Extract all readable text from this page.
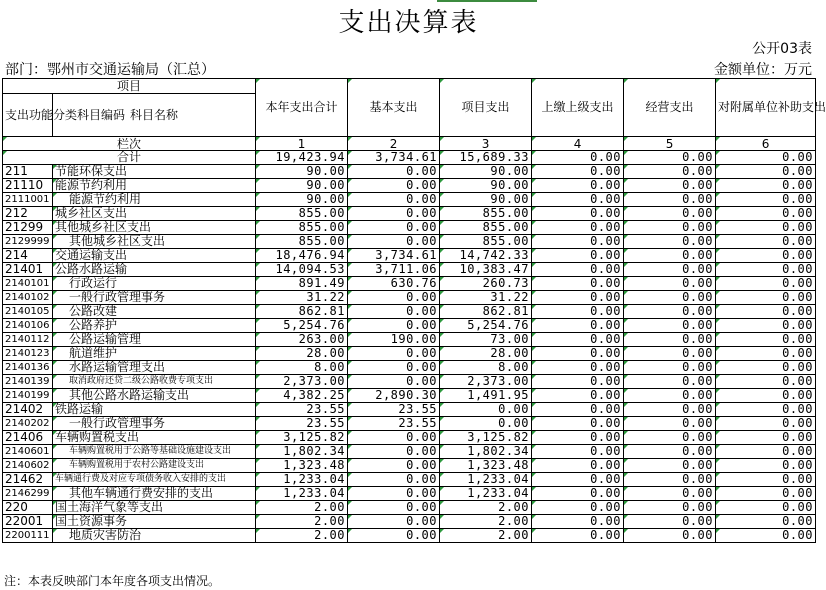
支出决算表
公开03表
部门：鄂州市交通运输局（汇总）	金额单位：万元
项目		本年支出合计	基本支出	项目支出	上缴上级支出	经营支出	对附属单位补助支出
支出功能分类科目编码	科目名称						
栏次		1	2	3	4	5	6
合计		19,423.94	3,734.61	15,689.33	0.00	0.00	0.00
211	节能环保支出	90.00	0.00	90.00	0.00	0.00	0.00
21110	能源节约利用	90.00	0.00	90.00	0.00	0.00	0.00
2111001	能源节约利用	90.00	0.00	90.00	0.00	0.00	0.00
212	城乡社区支出	855.00	0.00	855.00	0.00	0.00	0.00
21299	其他城乡社区支出	855.00	0.00	855.00	0.00	0.00	0.00
2129999	其他城乡社区支出	855.00	0.00	855.00	0.00	0.00	0.00
214	交通运输支出	18,476.94	3,734.61	14,742.33	0.00	0.00	0.00
21401	公路水路运输	14,094.53	3,711.06	10,383.47	0.00	0.00	0.00
2140101	行政运行	891.49	630.76	260.73	0.00	0.00	0.00
2140102	一般行政管理事务	31.22	0.00	31.22	0.00	0.00	0.00
2140105	公路改建	862.81	0.00	862.81	0.00	0.00	0.00
2140106	公路养护	5,254.76	0.00	5,254.76	0.00	0.00	0.00
2140112	公路运输管理	263.00	190.00	73.00	0.00	0.00	0.00
2140123	航道维护	28.00	0.00	28.00	0.00	0.00	0.00
2140136	水路运输管理支出	8.00	0.00	8.00	0.00	0.00	0.00
2140139	取消政府还贷二级公路收费专项支出	2,373.00	0.00	2,373.00	0.00	0.00	0.00
2140199	其他公路水路运输支出	4,382.25	2,890.30	1,491.95	0.00	0.00	0.00
21402	铁路运输	23.55	23.55	0.00	0.00	0.00	0.00
2140202	一般行政管理事务	23.55	23.55	0.00	0.00	0.00	0.00
21406	车辆购置税支出	3,125.82	0.00	3,125.82	0.00	0.00	0.00
2140601	车辆购置税用于公路等基础设施建设支出	1,802.34	0.00	1,802.34	0.00	0.00	0.00
2140602	车辆购置税用于农村公路建设支出	1,323.48	0.00	1,323.48	0.00	0.00	0.00
21462	车辆通行费及对应专项债务收入安排的支出	1,233.04	0.00	1,233.04	0.00	0.00	0.00
2146299	其他车辆通行费安排的支出	1,233.04	0.00	1,233.04	0.00	0.00	0.00
220	国土海洋气象等支出	2.00	0.00	2.00	0.00	0.00	0.00
22001	国土资源事务	2.00	0.00	2.00	0.00	0.00	0.00
2200111	地质灾害防治	2.00	0.00	2.00	0.00	0.00	0.00
注：本表反映部门本年度各项支出情况。
